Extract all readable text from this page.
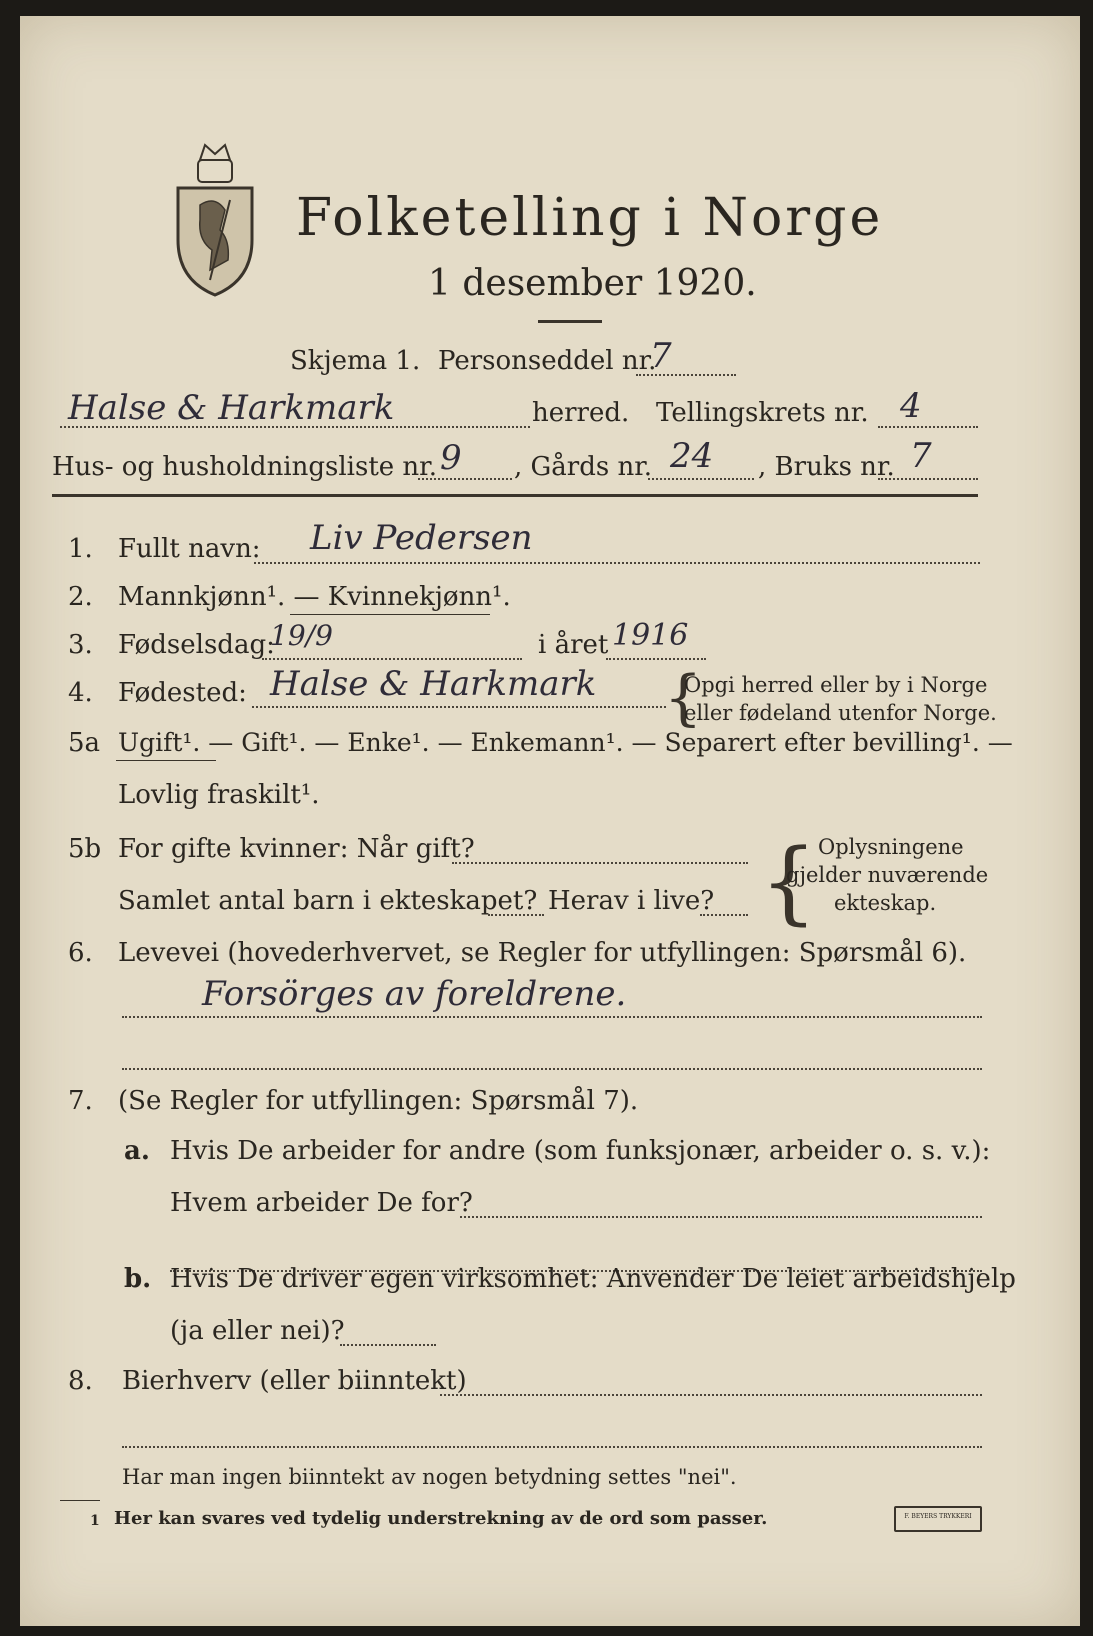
Folketelling i Norge
1 desember 1920.
Skjema 1. Personseddel nr.
7
Halse & Harkmark	herred. Tellingskrets nr. 4
Hus- og husholdningsliste nr. 9 , Gårds nr. 24 , Bruks nr. 7
1. Fullt navn: Liv Pedersen
2. Mannkjønn¹. — Kvinnekjønn¹.
3. Fødselsdag:
19/9	i året 1916
4. Fødested: Halse & Harkmark {
Opgi herred eller by i Norge
eller fødeland utenfor Norge.
5a Ugift¹. — Gift¹. — Enke¹. — Enkemann¹. — Separert efter bevilling¹. —
Lovlig fraskilt¹.
5b For gifte kvinner: Når gift?
Samlet antal barn i ekteskapet? Herav i live? { Oplysningene
gjelder nuværende
ekteskap.
6. Levevei (hovederhvervet, se Regler for utfyllingen: Spørsmål 6).
Forsörges av foreldrene.
7. (Se Regler for utfyllingen: Spørsmål 7).
a. Hvis De arbeider for andre (som funksjonær, arbeider o. s. v.):
Hvem arbeider De for?
b. Hvis De driver egen virksomhet: Anvender De leiet arbeidshjelp
(ja eller nei)?
8. Bierhverv (eller biinntekt)
Har man ingen biinntekt av nogen betydning settes "nei".
1 Her kan svares ved tydelig understrekning av de ord som passer.	F. BEYERS TRYKKERI
